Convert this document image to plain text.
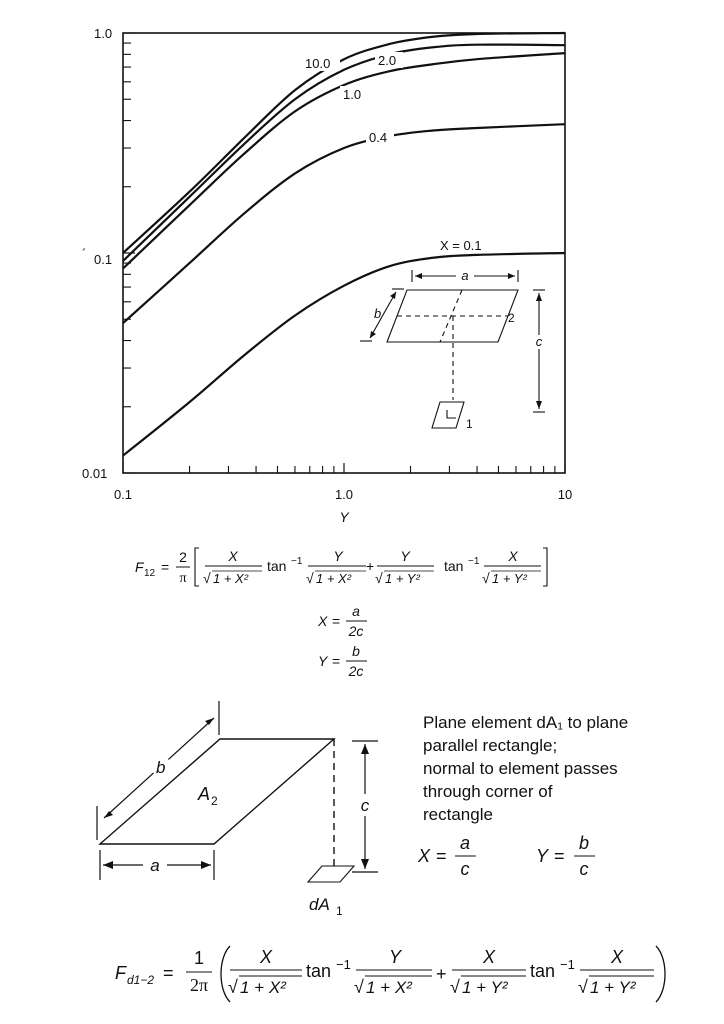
1.0
0.1
0.01
´
0.1	1.0	10
Y
10.0	2.0
1.0
0.4
X = 0.1
a
b
c
2
1
F 12 =
2
π
X
√ 1 + X²
tan −1 Y
√ 1 + X²
+
Y
√ 1 + Y²
tan −1 X
√ 1 + Y²
X =
a
2c
Y =
b
2c
b
a
c
A 2
dA 1
X =
a
c
Y =
b
c
F d1−2 =
1
2π
X
√ 1 + X²
tan −1 Y
√ 1 + X²
+
X
√ 1 + Y²
tan −1 X
√ 1 + Y²
Plane element dA₁ to plane
parallel rectangle;
normal to element passes
through corner of
rectangle
